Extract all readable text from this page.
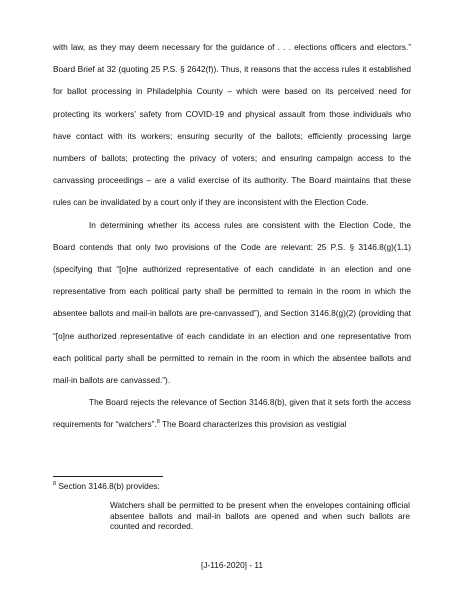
with law, as they may deem necessary for the guidance of . . . elections officers and electors.” Board Brief at 32 (quoting 25 P.S. § 2642(f)). Thus, it reasons that the access rules it established for ballot processing in Philadelphia County – which were based on its perceived need for protecting its workers’ safety from COVID-19 and physical assault from those individuals who have contact with its workers; ensuring security of the ballots; efficiently processing large numbers of ballots; protecting the privacy of voters; and ensuring campaign access to the canvassing proceedings – are a valid exercise of its authority. The Board maintains that these rules can be invalidated by a court only if they are inconsistent with the Election Code.

In determining whether its access rules are consistent with the Election Code, the Board contends that only two provisions of the Code are relevant: 25 P.S. § 3146.8(g)(1.1) (specifying that “[o]ne authorized representative of each candidate in an election and one representative from each political party shall be permitted to remain in the room in which the absentee ballots and mail-in ballots are pre-canvassed”), and Section 3146.8(g)(2) (providing that “[o]ne authorized representative of each candidate in an election and one representative from each political party shall be permitted to remain in the room in which the absentee ballots and mail-in ballots are canvassed.”).

The Board rejects the relevance of Section 3146.8(b), given that it sets forth the access requirements for “watchers”.$^8$ The Board characterizes this provision as vestigial

$^8$ Section 3146.8(b) provides:
Watchers shall be permitted to be present when the envelopes containing official absentee ballots and mail-in ballots are opened and when such ballots are counted and recorded.
[J-116-2020] - 11
